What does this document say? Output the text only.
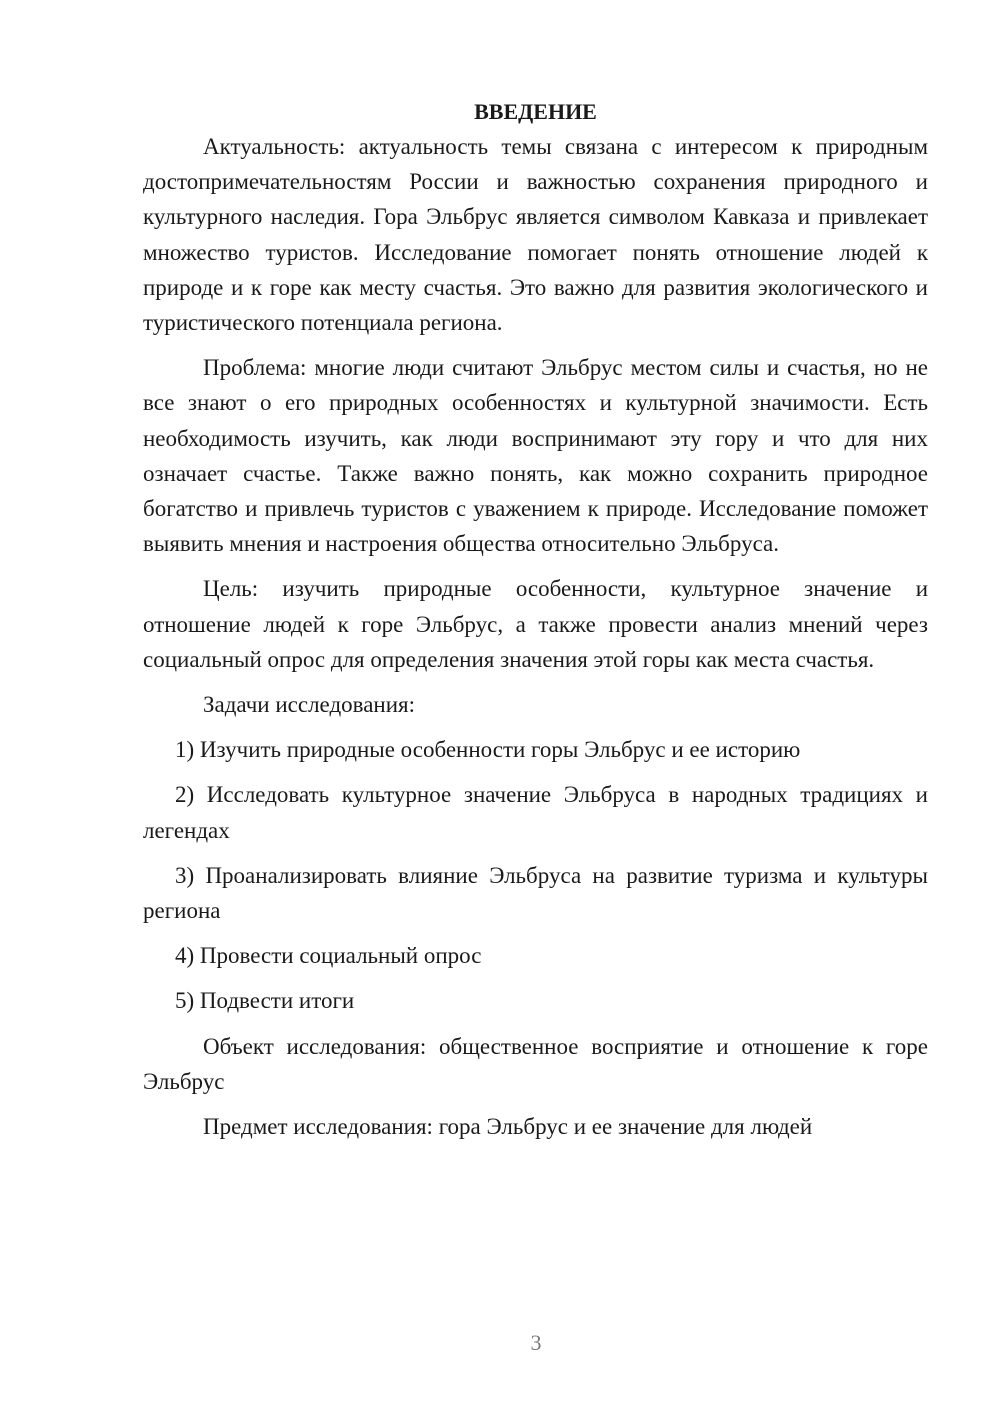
ВВЕДЕНИЕ

Актуальность: актуальность темы связана с интересом к природным достопримечательностям России и важностью сохранения природного и культурного наследия. Гора Эльбрус является символом Кавказа и привлекает множество туристов. Исследование помогает понять отношение людей к природе и к горе как месту счастья. Это важно для развития экологического и туристического потенциала региона.

Проблема: многие люди считают Эльбрус местом силы и счастья, но не все знают о его природных особенностях и культурной значимости. Есть необходимость изучить, как люди воспринимают эту гору и что для них означает счастье. Также важно понять, как можно сохранить природное богатство и привлечь туристов с уважением к природе. Исследование поможет выявить мнения и настроения общества относительно Эльбруса.

Цель: изучить природные особенности, культурное значение и отношение людей к горе Эльбрус, а также провести анализ мнений через социальный опрос для определения значения этой горы как места счастья.

Задачи исследования:

1) Изучить природные особенности горы Эльбрус и ее историю

2) Исследовать культурное значение Эльбруса в народных традициях и легендах

3) Проанализировать влияние Эльбруса на развитие туризма и культуры региона

4) Провести социальный опрос

5) Подвести итоги

Объект исследования: общественное восприятие и отношение к горе Эльбрус

Предмет исследования: гора Эльбрус и ее значение для людей

3
